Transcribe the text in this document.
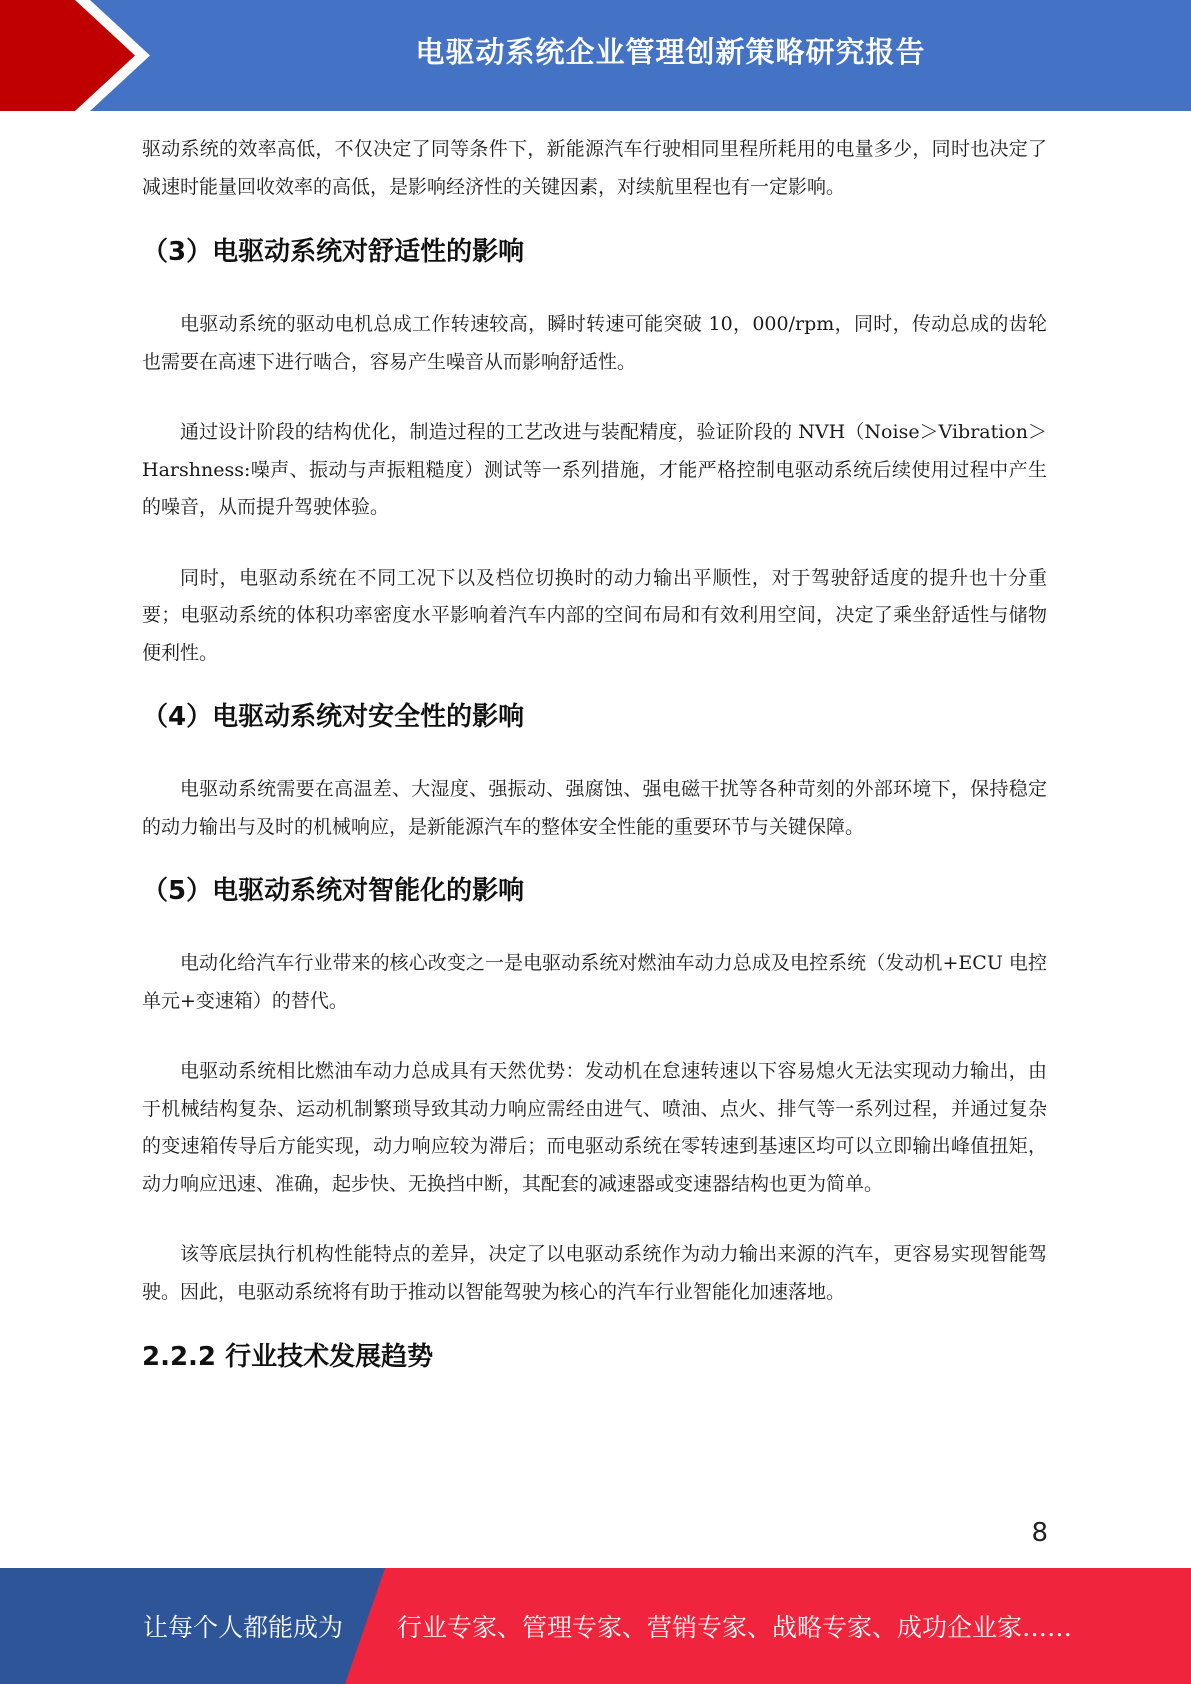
电驱动系统企业管理创新策略研究报告

驱动系统的效率高低，不仅决定了同等条件下，新能源汽车行驶相同里程所耗用的电量多少，同时也决定了减速时能量回收效率的高低，是影响经济性的关键因素，对续航里程也有一定影响。

（3）电驱动系统对舒适性的影响

电驱动系统的驱动电机总成工作转速较高，瞬时转速可能突破 10，000/rpm，同时，传动总成的齿轮也需要在高速下进行啮合，容易产生噪音从而影响舒适性。

通过设计阶段的结构优化，制造过程的工艺改进与装配精度，验证阶段的 NVH（Noise＞Vibration＞Harshness:噪声、振动与声振粗糙度）测试等一系列措施，才能严格控制电驱动系统后续使用过程中产生的噪音，从而提升驾驶体验。

同时，电驱动系统在不同工况下以及档位切换时的动力输出平顺性，对于驾驶舒适度的提升也十分重要；电驱动系统的体积功率密度水平影响着汽车内部的空间布局和有效利用空间，决定了乘坐舒适性与储物便利性。

（4）电驱动系统对安全性的影响

电驱动系统需要在高温差、大湿度、强振动、强腐蚀、强电磁干扰等各种苛刻的外部环境下，保持稳定的动力输出与及时的机械响应，是新能源汽车的整体安全性能的重要环节与关键保障。

（5）电驱动系统对智能化的影响

电动化给汽车行业带来的核心改变之一是电驱动系统对燃油车动力总成及电控系统（发动机+ECU 电控单元+变速箱）的替代。

电驱动系统相比燃油车动力总成具有天然优势：发动机在怠速转速以下容易熄火无法实现动力输出，由于机械结构复杂、运动机制繁琐导致其动力响应需经由进气、喷油、点火、排气等一系列过程，并通过复杂的变速箱传导后方能实现，动力响应较为滞后；而电驱动系统在零转速到基速区均可以立即输出峰值扭矩，动力响应迅速、准确，起步快、无换挡中断，其配套的减速器或变速器结构也更为简单。

该等底层执行机构性能特点的差异，决定了以电驱动系统作为动力输出来源的汽车，更容易实现智能驾驶。因此，电驱动系统将有助于推动以智能驾驶为核心的汽车行业智能化加速落地。

2.2.2 行业技术发展趋势
8
让每个人都能成为 行业专家、管理专家、营销专家、战略专家、成功企业家……
